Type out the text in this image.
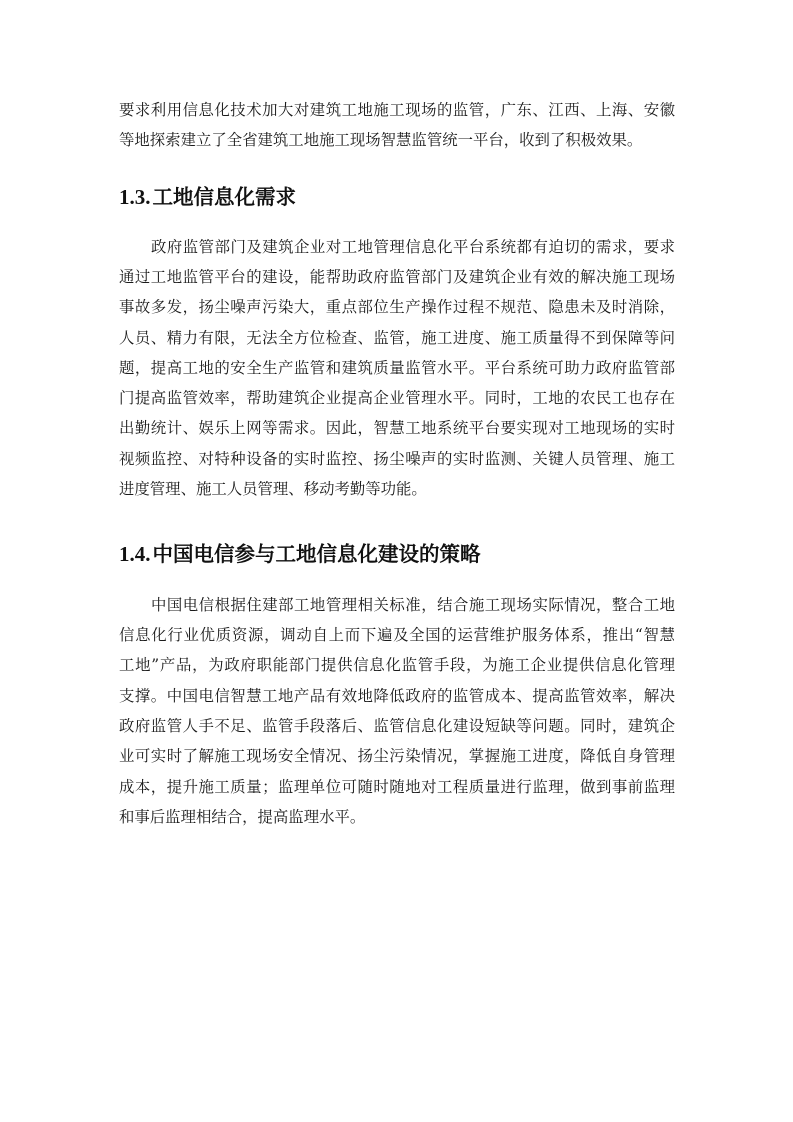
要求利用信息化技术加大对建筑工地施工现场的监管，广东、江西、上海、安徽
等地探索建立了全省建筑工地施工现场智慧监管统一平台，收到了积极效果。
1.3.工地信息化需求
政府监管部门及建筑企业对工地管理信息化平台系统都有迫切的需求，要求
通过工地监管平台的建设，能帮助政府监管部门及建筑企业有效的解决施工现场
事故多发，扬尘噪声污染大，重点部位生产操作过程不规范、隐患未及时消除，
人员、精力有限，无法全方位检查、监管，施工进度、施工质量得不到保障等问
题，提高工地的安全生产监管和建筑质量监管水平。平台系统可助力政府监管部
门提高监管效率，帮助建筑企业提高企业管理水平。同时，工地的农民工也存在
出勤统计、娱乐上网等需求。因此，智慧工地系统平台要实现对工地现场的实时
视频监控、对特种设备的实时监控、扬尘噪声的实时监测、关键人员管理、施工
进度管理、施工人员管理、移动考勤等功能。
1.4.中国电信参与工地信息化建设的策略
中国电信根据住建部工地管理相关标准，结合施工现场实际情况，整合工地
信息化行业优质资源，调动自上而下遍及全国的运营维护服务体系，推出“智慧
工地”产品，为政府职能部门提供信息化监管手段，为施工企业提供信息化管理
支撑。中国电信智慧工地产品有效地降低政府的监管成本、提高监管效率，解决
政府监管人手不足、监管手段落后、监管信息化建设短缺等问题。同时，建筑企
业可实时了解施工现场安全情况、扬尘污染情况，掌握施工进度，降低自身管理
成本，提升施工质量；监理单位可随时随地对工程质量进行监理，做到事前监理
和事后监理相结合，提高监理水平。
